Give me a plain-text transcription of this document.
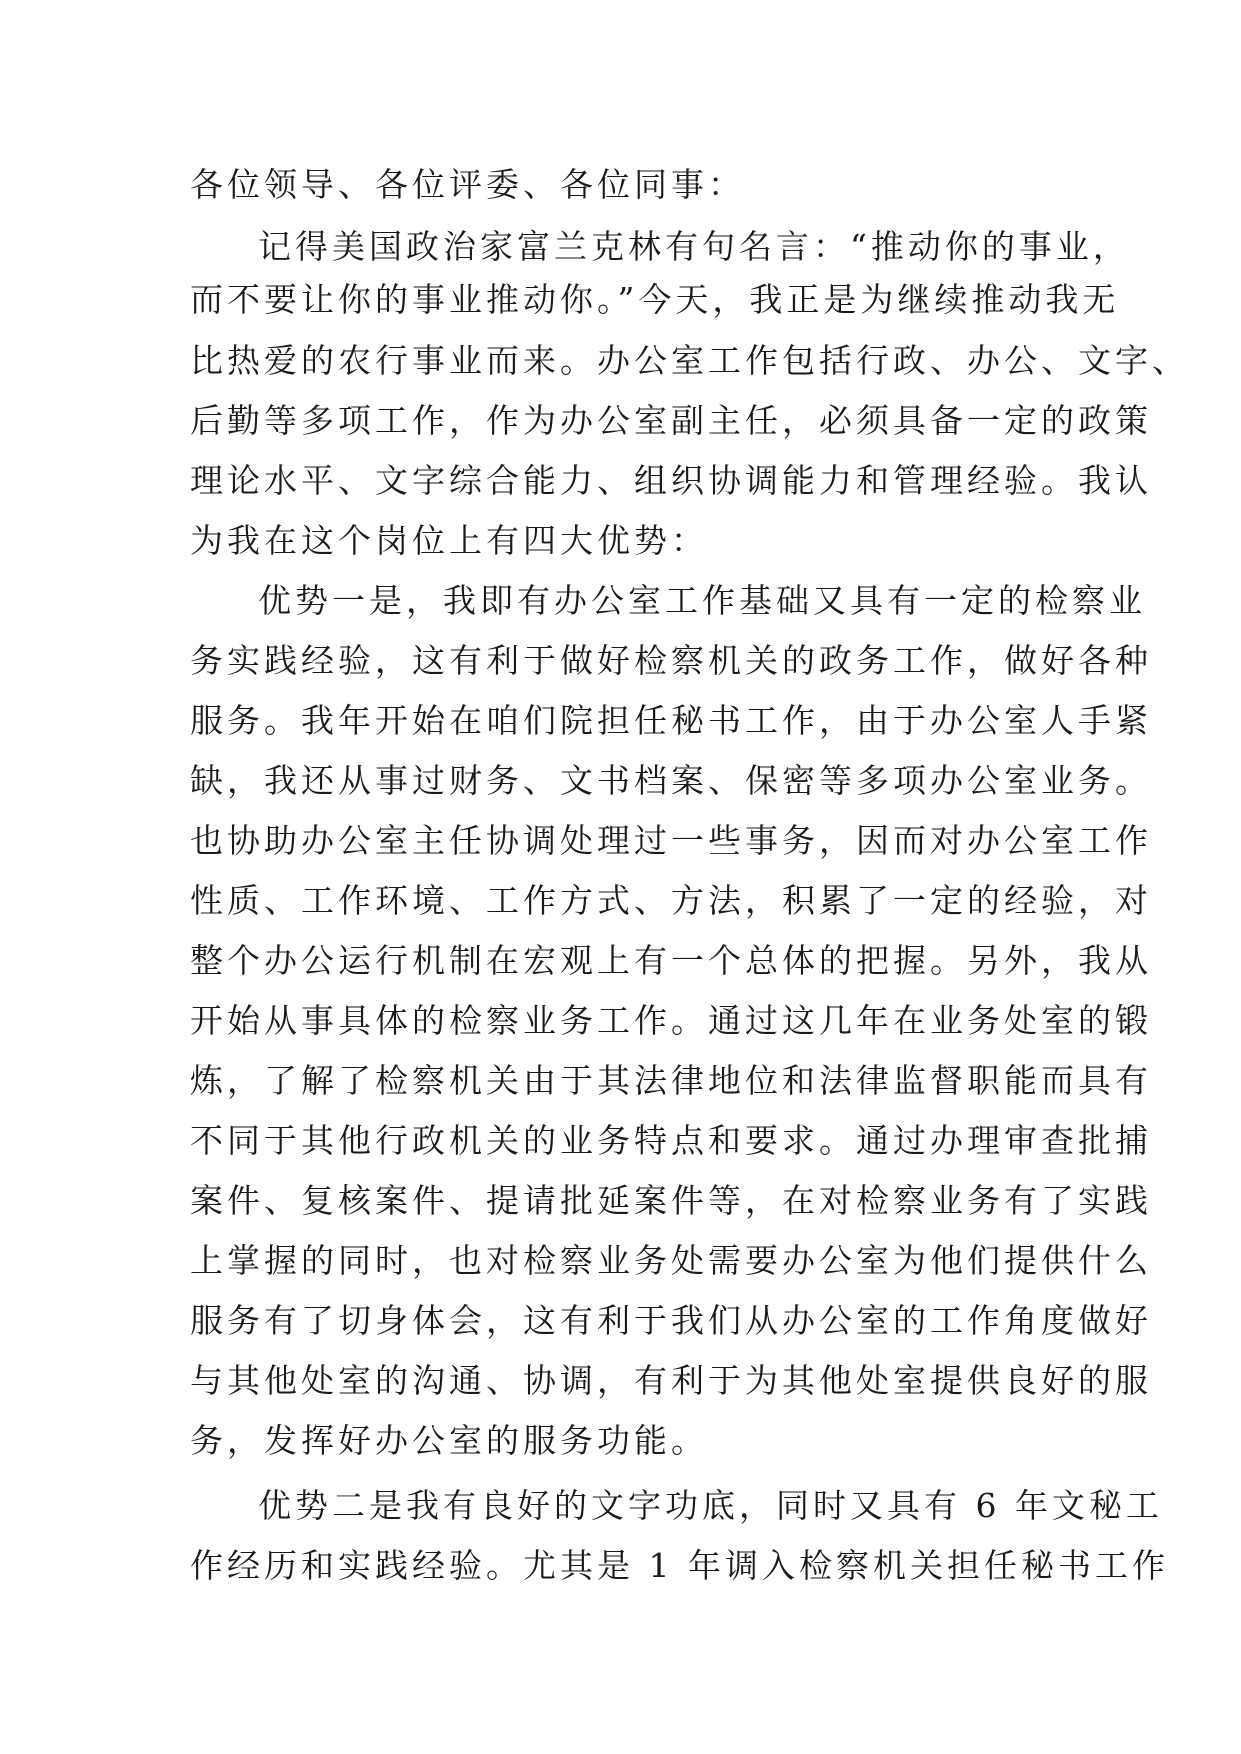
各位领导、各位评委、各位同事：
记得美国政治家富兰克林有句名言：“推动你的事业，
而不要让你的事业推动你。”今天，我正是为继续推动我无
比热爱的农行事业而来。办公室工作包括行政、办公、文字、
后勤等多项工作，作为办公室副主任，必须具备一定的政策
理论水平、文字综合能力、组织协调能力和管理经验。我认
为我在这个岗位上有四大优势：
优势一是，我即有办公室工作基础又具有一定的检察业
务实践经验，这有利于做好检察机关的政务工作，做好各种
服务。我年开始在咱们院担任秘书工作，由于办公室人手紧
缺，我还从事过财务、文书档案、保密等多项办公室业务。
也协助办公室主任协调处理过一些事务，因而对办公室工作
性质、工作环境、工作方式、方法，积累了一定的经验，对
整个办公运行机制在宏观上有一个总体的把握。另外，我从
开始从事具体的检察业务工作。通过这几年在业务处室的锻
炼，了解了检察机关由于其法律地位和法律监督职能而具有
不同于其他行政机关的业务特点和要求。通过办理审查批捕
案件、复核案件、提请批延案件等，在对检察业务有了实践
上掌握的同时，也对检察业务处需要办公室为他们提供什么
服务有了切身体会，这有利于我们从办公室的工作角度做好
与其他处室的沟通、协调，有利于为其他处室提供良好的服
务，发挥好办公室的服务功能。
优势二是我有良好的文字功底，同时又具有 6 年文秘工
作经历和实践经验。尤其是 1 年调入检察机关担任秘书工作
